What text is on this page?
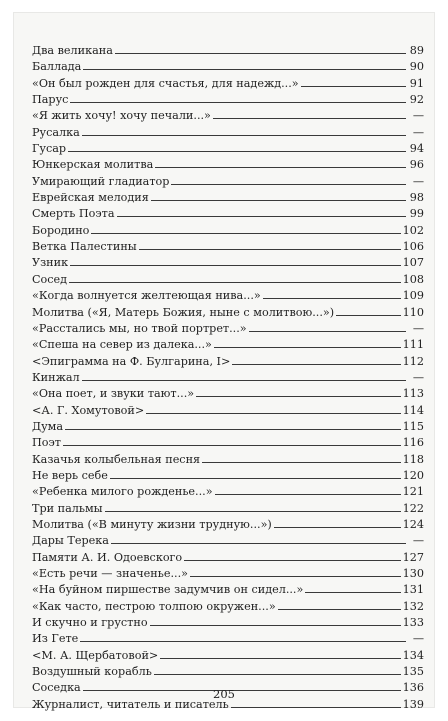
Два великана	89
Баллада	90
«Он был рожден для счастья, для надежд...»	91
Парус	92
«Я жить хочу! хочу печали...»	—
Русалка	—
Гусар	94
Юнкерская молитва	96
Умирающий гладиатор	—
Еврейская мелодия	98
Смерть Поэта	99
Бородино	102
Ветка Палестины	106
Узник	107
Сосед	108
«Когда волнуется желтеющая нива...»	109
Молитва («Я, Матерь Божия, ныне с молитвою...»)	110
«Расстались мы, но твой портрет...»	—
«Спеша на север из далека...»	111
<Эпиграмма на Ф. Булгарина, I>	112
Кинжал	—
«Она поет, и звуки тают...»	113
<А. Г. Хомутовой>	114
Дума	115
Поэт	116
Казачья колыбельная песня	118
Не верь себе	120
«Ребенка милого рожденье...»	121
Три пальмы	122
Молитва («В минуту жизни трудную...»)	124
Дары Терека	—
Памяти А. И. Одоевского	127
«Есть речи — значенье...»	130
«На буйном пиршестве задумчив он сидел...»	131
«Как часто, пестрою толпою окружен...»	132
И скучно и грустно	133
Из Гете	—
<М. А. Щербатовой>	134
Воздушный корабль	135
Соседка	136
Журналист, читатель и писатель	139
205
